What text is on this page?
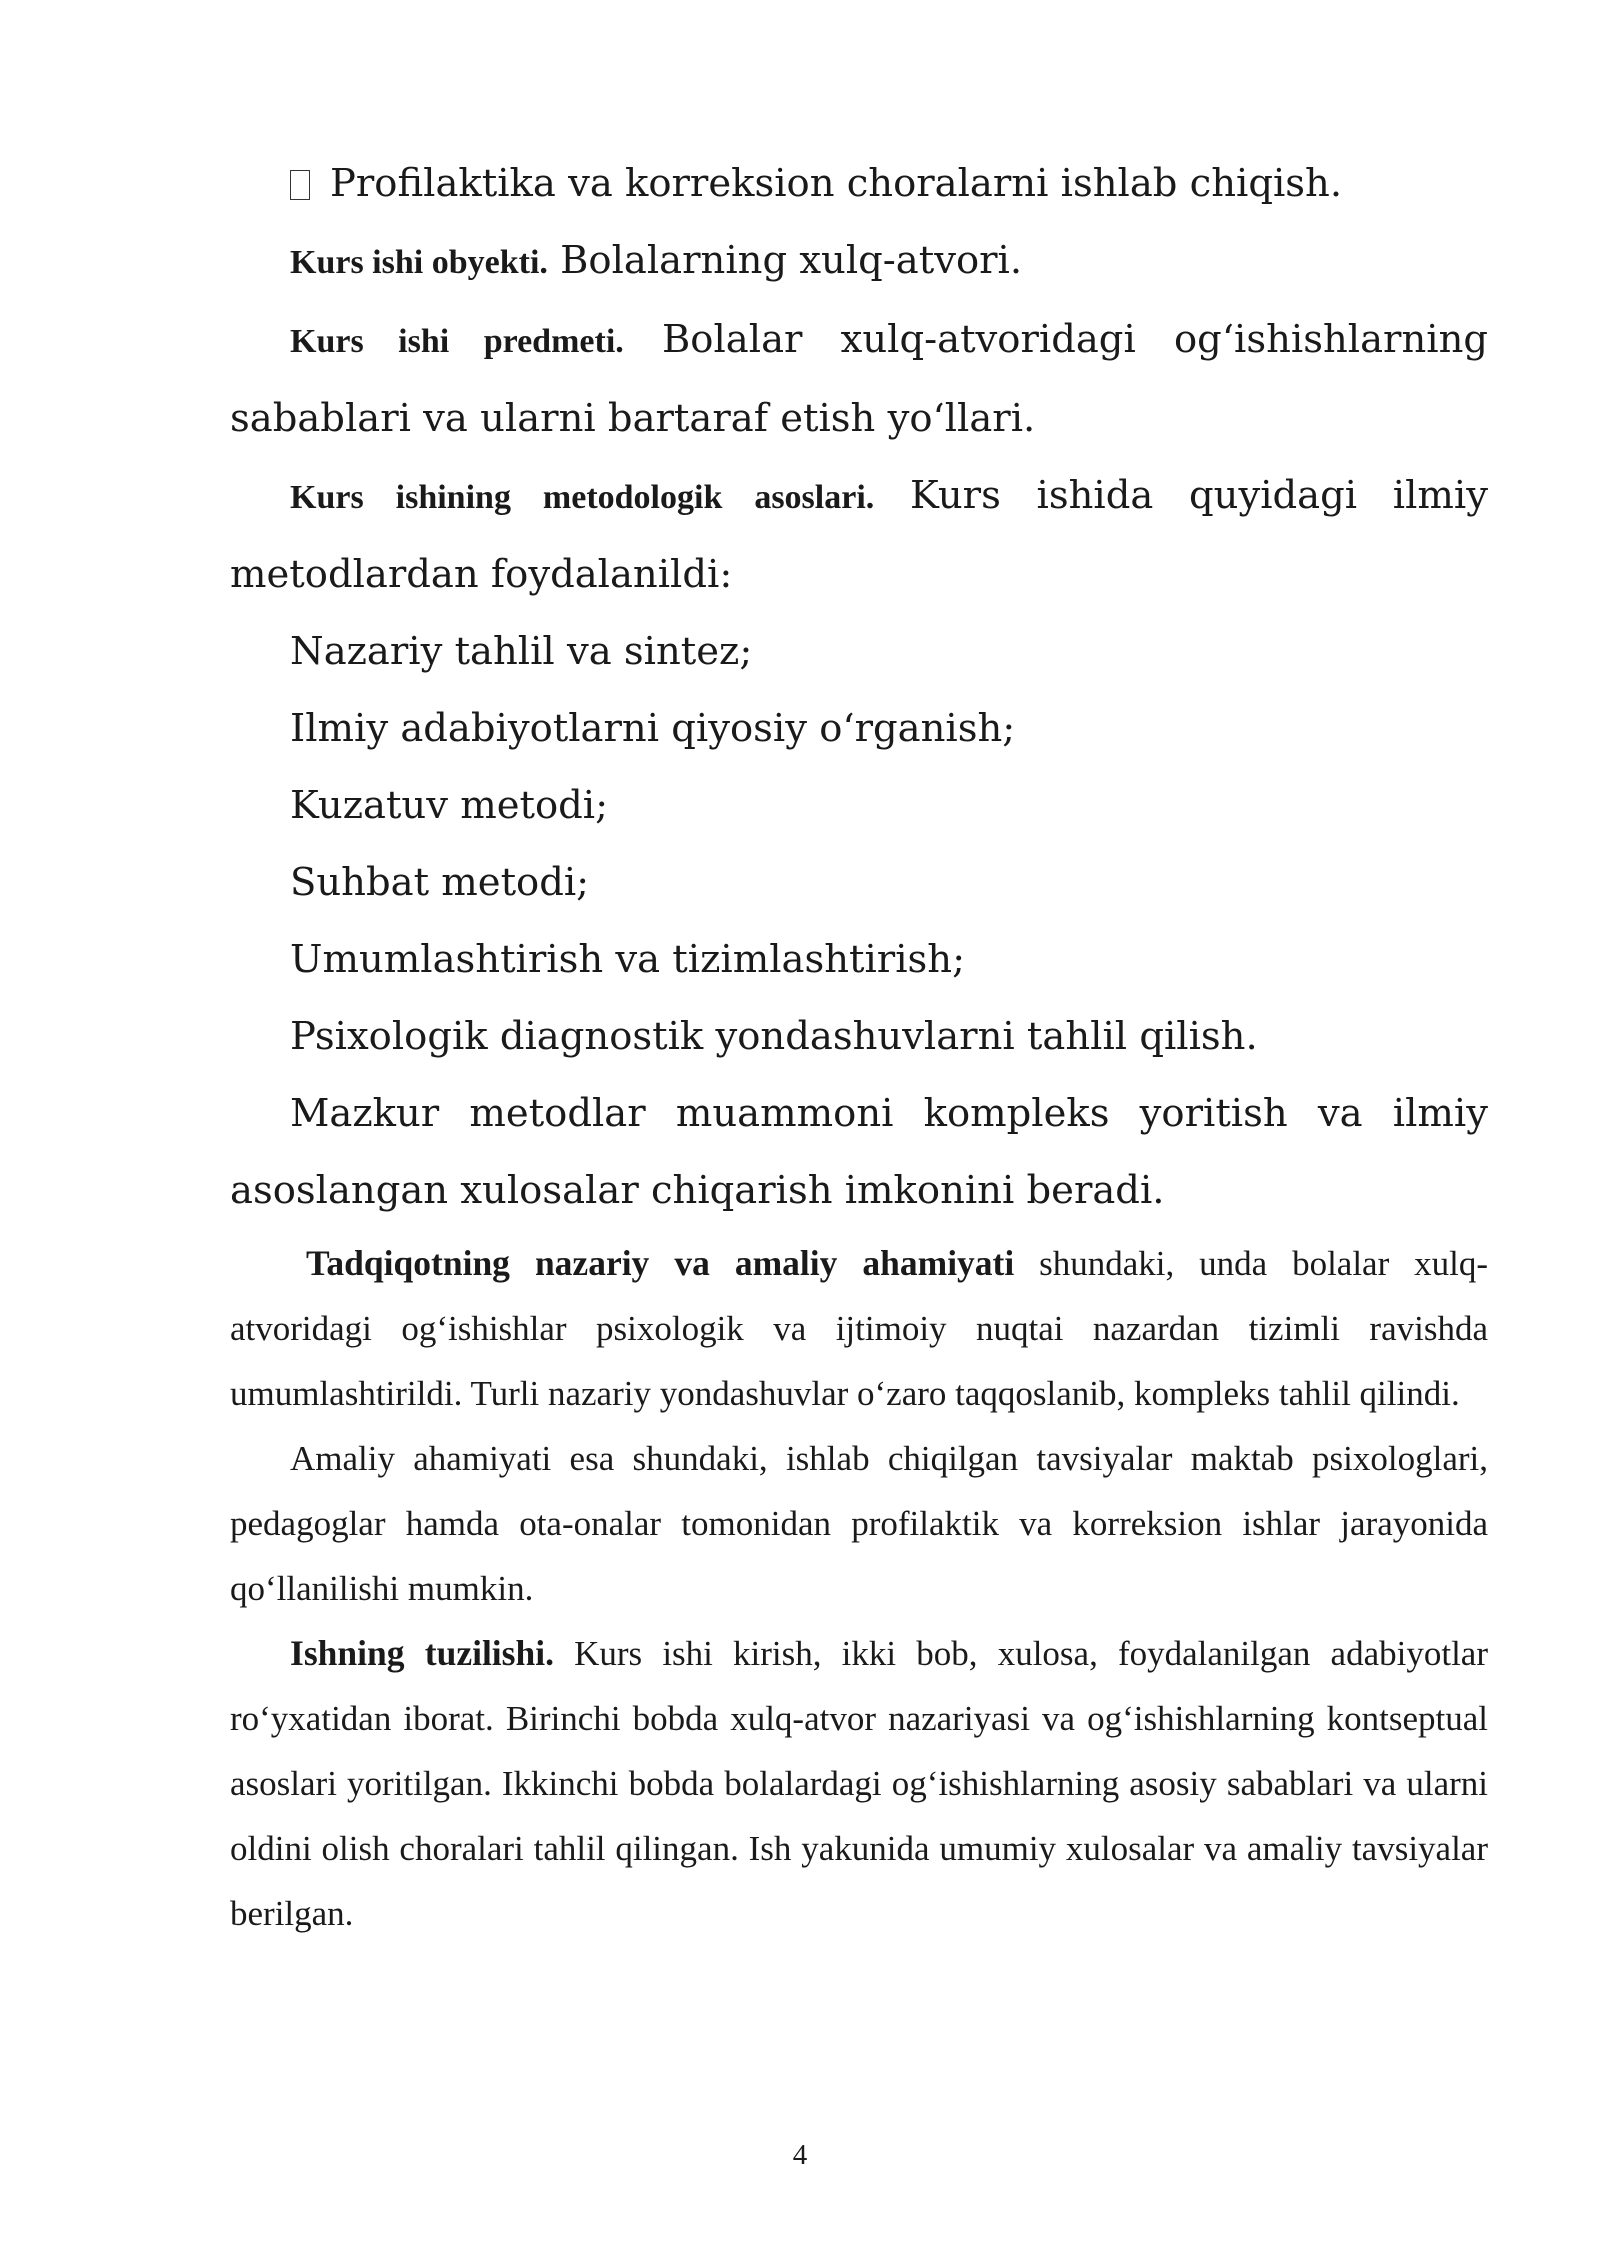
Profilaktika va korreksion choralarni ishlab chiqish.

Kurs ishi obyekti. Bolalarning xulq-atvori.

Kurs ishi predmeti. Bolalar xulq-atvoridagi og‘ishishlarning sabablari va ularni bartaraf etish yo‘llari.

Kurs ishining metodologik asoslari. Kurs ishida quyidagi ilmiy metodlardan foydalanildi:

Nazariy tahlil va sintez;

Ilmiy adabiyotlarni qiyosiy o‘rganish;

Kuzatuv metodi;

Suhbat metodi;

Umumlashtirish va tizimlashtirish;

Psixologik diagnostik yondashuvlarni tahlil qilish.

Mazkur metodlar muammoni kompleks yoritish va ilmiy asoslangan xulosalar chiqarish imkonini beradi.

Tadqiqotning nazariy va amaliy ahamiyati shundaki, unda bolalar xulq-atvoridagi og‘ishishlar psixologik va ijtimoiy nuqtai nazardan tizimli ravishda umumlashtirildi. Turli nazariy yondashuvlar o‘zaro taqqoslanib, kompleks tahlil qilindi.

Amaliy ahamiyati esa shundaki, ishlab chiqilgan tavsiyalar maktab psixologlari, pedagoglar hamda ota-onalar tomonidan profilaktik va korreksion ishlar jarayonida qo‘llanilishi mumkin.

Ishning tuzilishi. Kurs ishi kirish, ikki bob, xulosa, foydalanilgan adabiyotlar ro‘yxatidan iborat. Birinchi bobda xulq-atvor nazariyasi va og‘ishishlarning kontseptual asoslari yoritilgan. Ikkinchi bobda bolalardagi og‘ishishlarning asosiy sabablari va ularni oldini olish choralari tahlil qilingan. Ish yakunida umumiy xulosalar va amaliy tavsiyalar berilgan.

4
